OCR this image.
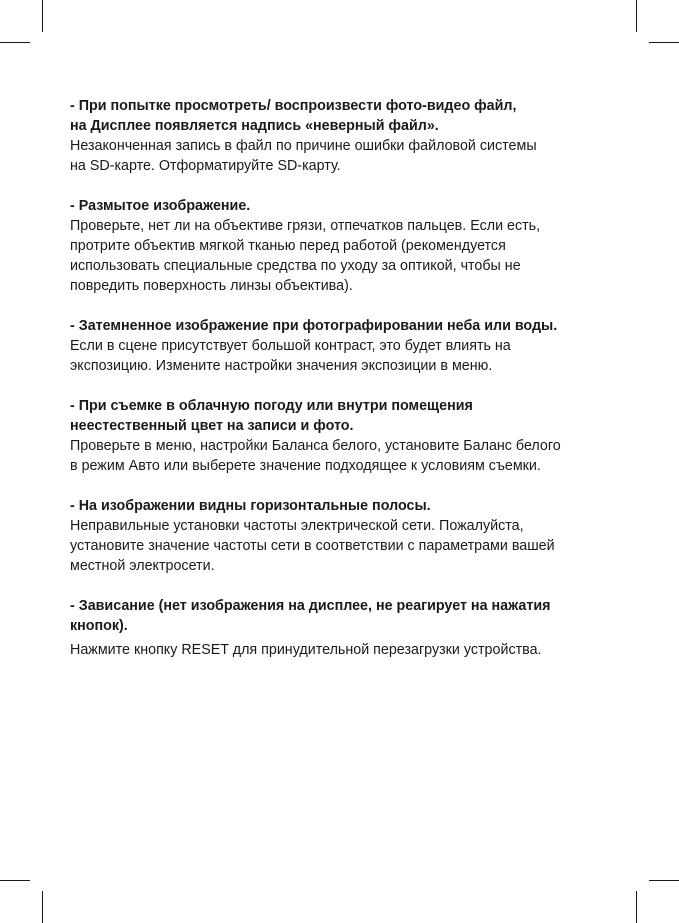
- При попытке просмотреть/ воспроизвести фото-видео файл,
на Дисплее появляется надпись «неверный файл».

Незаконченная запись в файл по причине ошибки файловой системы
на SD-карте. Отформатируйте SD-карту.

- Размытое изображение.

Проверьте, нет ли на объективе грязи, отпечатков пальцев. Если есть,
протрите объектив мягкой тканью перед работой (рекомендуется
использовать специальные средства по уходу за оптикой, чтобы не
повредить поверхность линзы объектива).

- Затемненное изображение при фотографировании неба или воды.

Если в сцене присутствует большой контраст, это будет влиять на
экспозицию. Измените настройки значения экспозиции в меню.

- При съемке в облачную погоду или внутри помещения
неестественный цвет на записи и фото.

Проверьте в меню, настройки Баланса белого, установите Баланс белого
в режим Авто или выберете значение подходящее к условиям съемки.

- На изображении видны горизонтальные полосы.

Неправильные установки частоты электрической сети. Пожалуйста,
установите значение частоты сети в соответствии с параметрами вашей
местной электросети.

- Зависание (нет изображения на дисплее, не реагирует на нажатия
кнопок).

Нажмите кнопку RESET для принудительной перезагрузки устройства.
